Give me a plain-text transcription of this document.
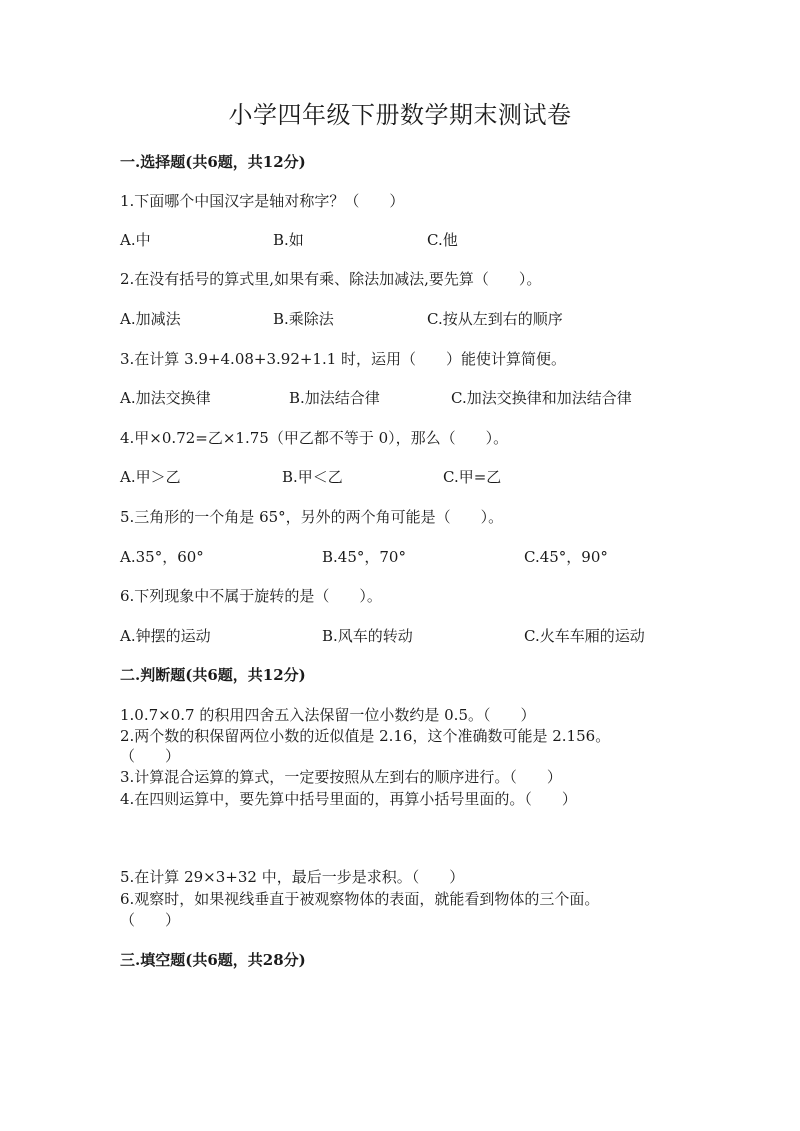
小学四年级下册数学期末测试卷
一.选择题(共6题，共12分)
1.下面哪个中国汉字是轴对称字？（　　）
A.中	B.如	C.他
2.在没有括号的算式里,如果有乘、除法加减法,要先算（　　）。
A.加减法	B.乘除法	C.按从左到右的顺序
3.在计算 3.9+4.08+3.92+1.1 时，运用（　　）能使计算简便。
A.加法交换律	B.加法结合律	C.加法交换律和加法结合律
4.甲×0.72=乙×1.75（甲乙都不等于 0），那么（　　）。
A.甲＞乙	B.甲＜乙	C.甲=乙
5.三角形的一个角是 65°，另外的两个角可能是（　　）。
A.35°，60°	B.45°，70°	C.45°，90°
6.下列现象中不属于旋转的是（　　）。
A.钟摆的运动	B.风车的转动	C.火车车厢的运动
二.判断题(共6题，共12分)
1.0.7×0.7 的积用四舍五入法保留一位小数约是 0.5。（　　）
2.两个数的积保留两位小数的近似值是 2.16，这个准确数可能是 2.156。
（　　）
3.计算混合运算的算式，一定要按照从左到右的顺序进行。（　　）
4.在四则运算中，要先算中括号里面的，再算小括号里面的。（　　）
5.在计算 29×3+32 中，最后一步是求积。（　　）
6.观察时，如果视线垂直于被观察物体的表面，就能看到物体的三个面。
（　　）
三.填空题(共6题，共28分)
